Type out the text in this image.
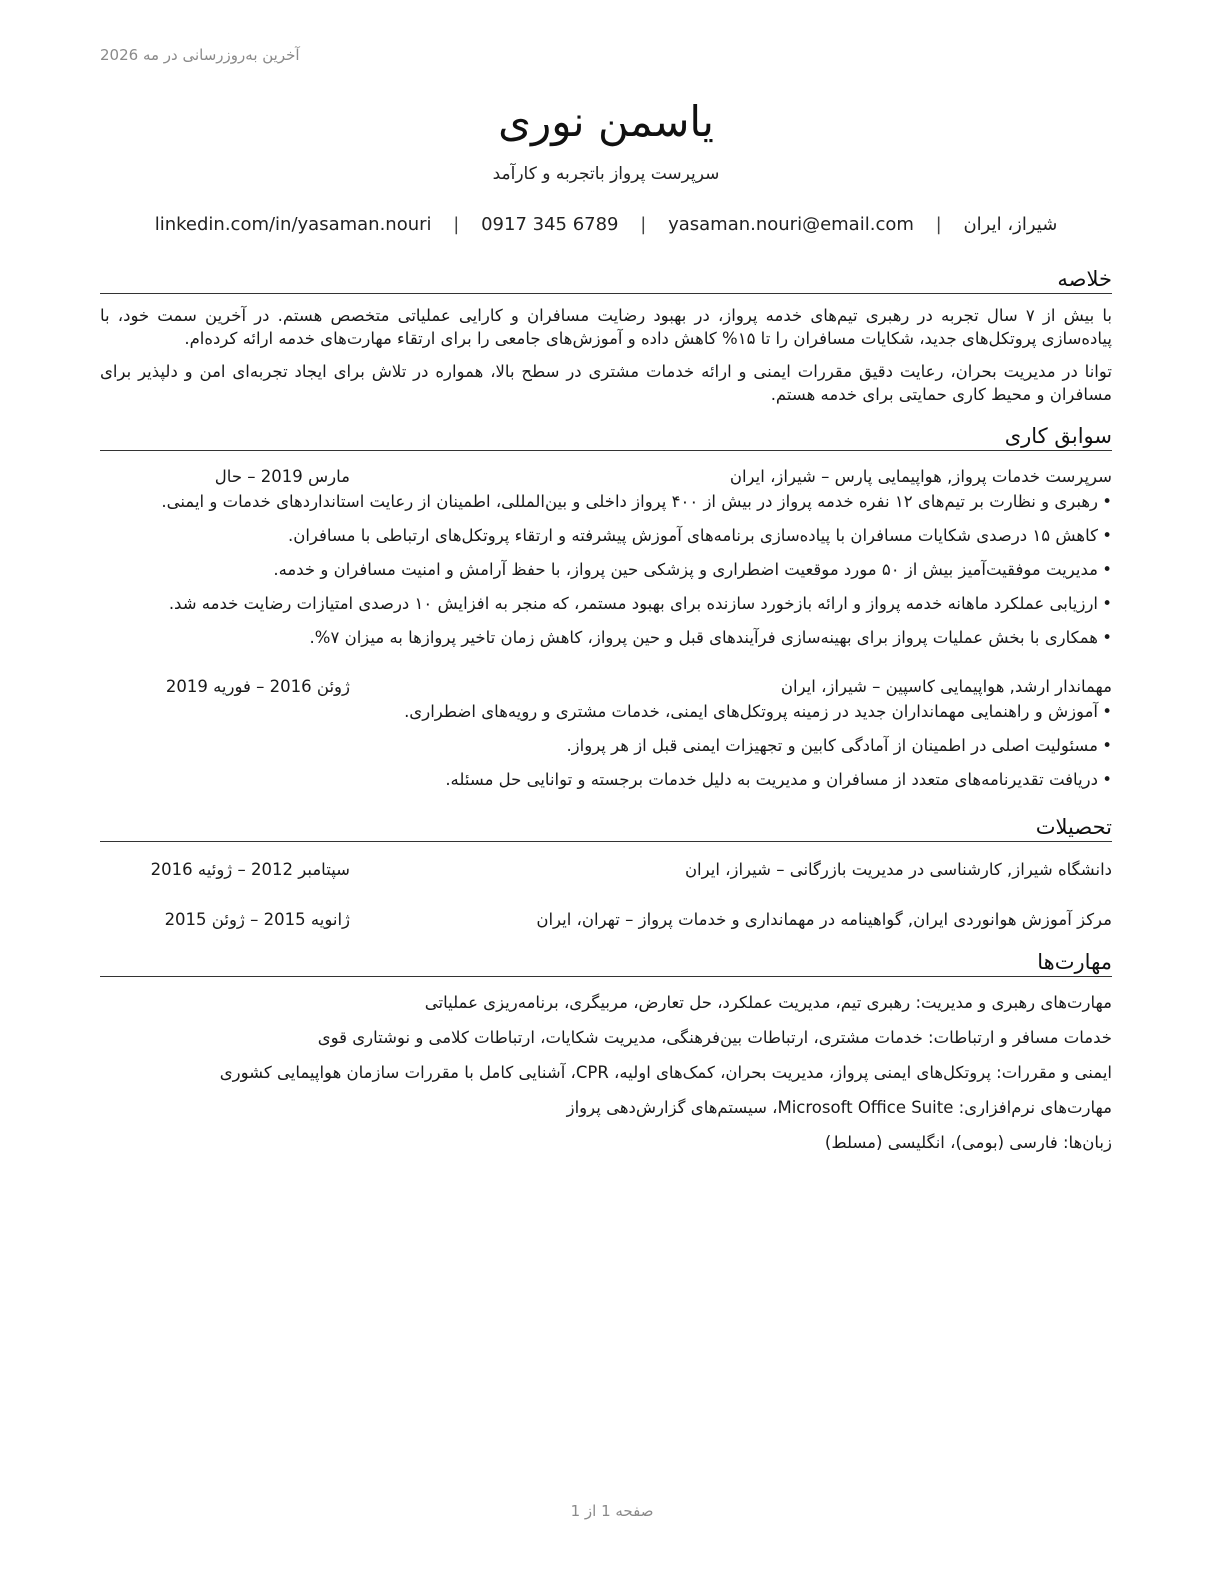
آخرین به‌روزرسانی در مه 2026
یاسمن نوری
سرپرست پرواز باتجربه و کارآمد
شیراز، ایران | yasaman.nouri@email.com | 0917 345 6789 | linkedin.com/in/yasaman.nouri
خلاصه

با بیش از ۷ سال تجربه در رهبری تیم‌های خدمه پرواز، در بهبود رضایت مسافران و کارایی عملیاتی متخصص هستم. در آخرین سمت خود، با پیاده‌سازی پروتکل‌های جدید، شکایات مسافران را تا ۱۵% کاهش داده و آموزش‌های جامعی را برای ارتقاء مهارت‌های خدمه ارائه کرده‌ام.

توانا در مدیریت بحران، رعایت دقیق مقررات ایمنی و ارائه خدمات مشتری در سطح بالا، همواره در تلاش برای ایجاد تجربه‌ای امن و دلپذیر برای مسافران و محیط کاری حمایتی برای خدمه هستم.

سوابق کاری
سرپرست خدمات پرواز, هواپیمایی پارس – شیراز، ایران
مارس 2019 – حال
• رهبری و نظارت بر تیم‌های ۱۲ نفره خدمه پرواز در بیش از ۴۰۰ پرواز داخلی و بین‌المللی، اطمینان از رعایت استانداردهای خدمات و ایمنی.
• کاهش ۱۵ درصدی شکایات مسافران با پیاده‌سازی برنامه‌های آموزش پیشرفته و ارتقاء پروتکل‌های ارتباطی با مسافران.
• مدیریت موفقیت‌آمیز بیش از ۵۰ مورد موقعیت اضطراری و پزشکی حین پرواز، با حفظ آرامش و امنیت مسافران و خدمه.
• ارزیابی عملکرد ماهانه خدمه پرواز و ارائه بازخورد سازنده برای بهبود مستمر، که منجر به افزایش ۱۰ درصدی امتیازات رضایت خدمه شد.
• همکاری با بخش عملیات پرواز برای بهینه‌سازی فرآیندهای قبل و حین پرواز، کاهش زمان تاخیر پروازها به میزان ۷%.
مهماندار ارشد, هواپیمایی کاسپین – شیراز، ایران
ژوئن 2016 – فوریه 2019
• آموزش و راهنمایی مهمانداران جدید در زمینه پروتکل‌های ایمنی، خدمات مشتری و رویه‌های اضطراری.
• مسئولیت اصلی در اطمینان از آمادگی کابین و تجهیزات ایمنی قبل از هر پرواز.
• دریافت تقدیرنامه‌های متعدد از مسافران و مدیریت به دلیل خدمات برجسته و توانایی حل مسئله.
تحصیلات
دانشگاه شیراز, کارشناسی در مدیریت بازرگانی – شیراز، ایران
سپتامبر 2012 – ژوئیه 2016
مرکز آموزش هوانوردی ایران, گواهینامه در مهمانداری و خدمات پرواز – تهران، ایران
ژانویه 2015 – ژوئن 2015
مهارت‌ها
مهارت‌های رهبری و مدیریت: رهبری تیم، مدیریت عملکرد، حل تعارض، مربیگری، برنامه‌ریزی عملیاتی
خدمات مسافر و ارتباطات: خدمات مشتری، ارتباطات بین‌فرهنگی، مدیریت شکایات، ارتباطات کلامی و نوشتاری قوی
ایمنی و مقررات: پروتکل‌های ایمنی پرواز، مدیریت بحران، کمک‌های اولیه، CPR، آشنایی کامل با مقررات سازمان هواپیمایی کشوری
مهارت‌های نرم‌افزاری: Microsoft Office Suite، سیستم‌های گزارش‌دهی پرواز
زبان‌ها: فارسی (بومی)، انگلیسی (مسلط)
صفحه 1 از 1
